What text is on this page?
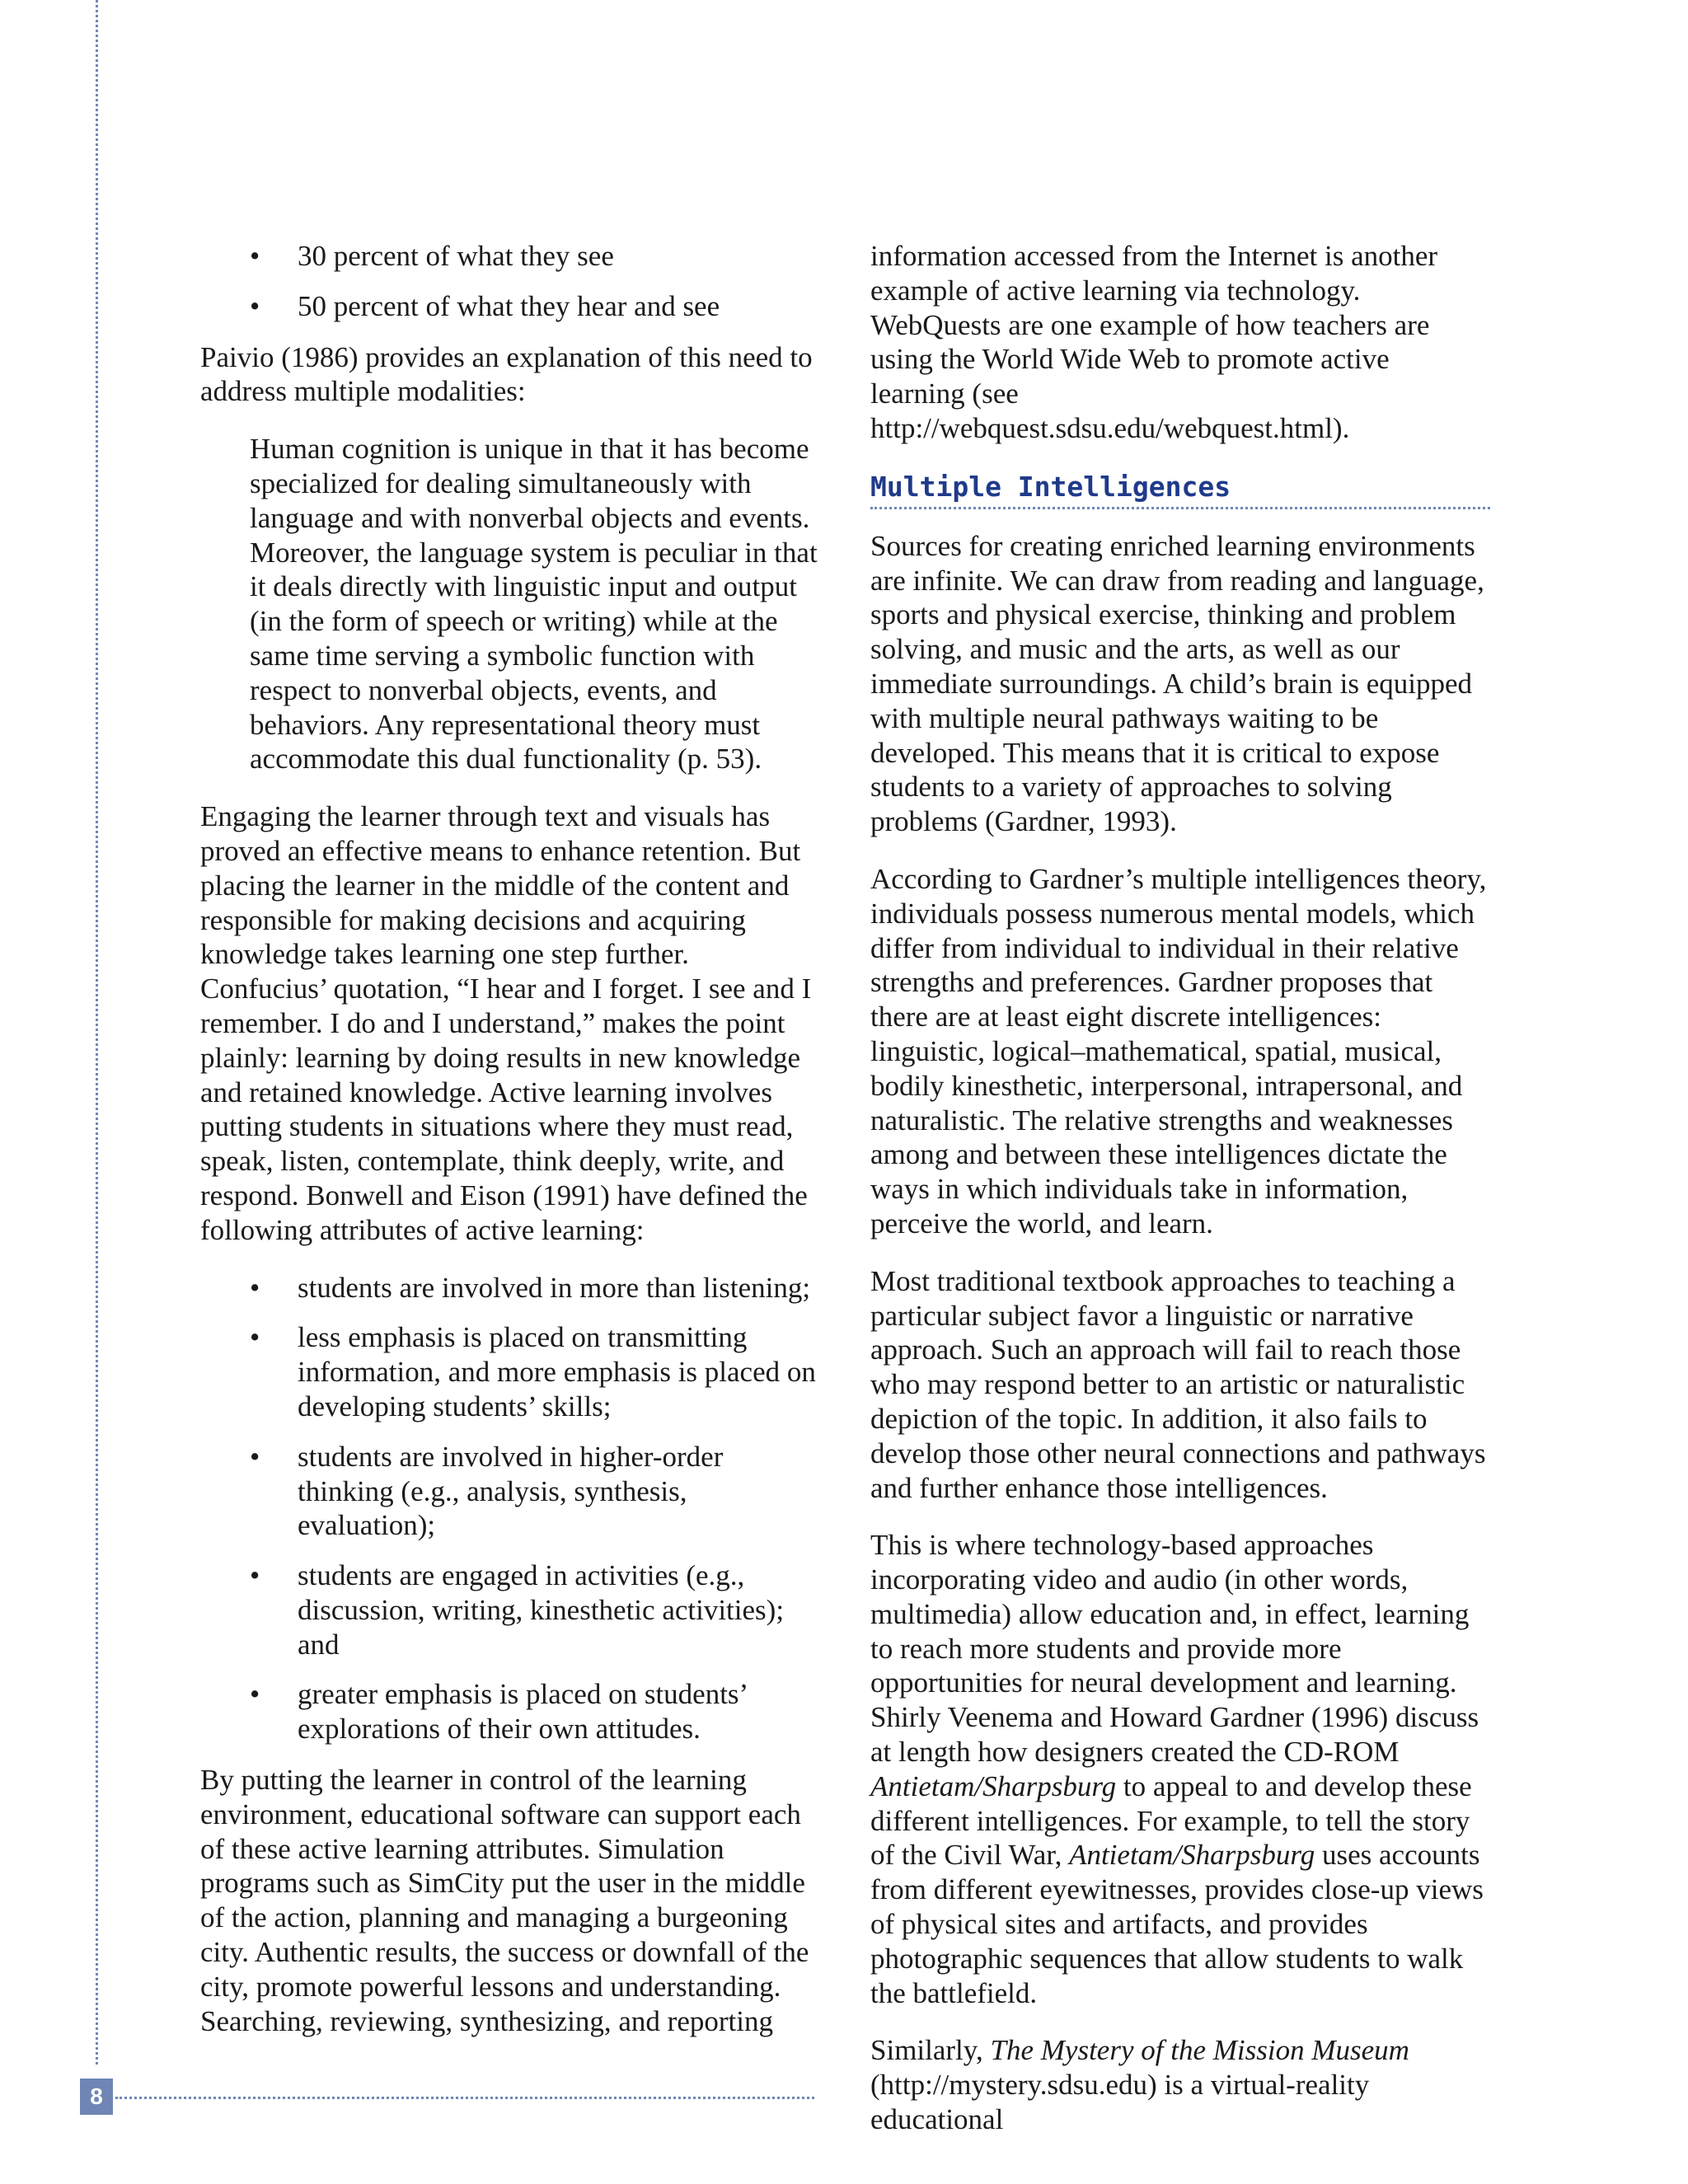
8
• 30 percent of what they see
• 50 percent of what they hear and see

Paivio (1986) provides an explanation of this need to address multiple modalities:

Human cognition is unique in that it has become specialized for dealing simultaneously with language and with nonverbal objects and events. Moreover, the language system is peculiar in that it deals directly with linguistic input and output (in the form of speech or writing) while at the same time serving a symbolic function with respect to nonverbal objects, events, and behaviors. Any representational theory must accommodate this dual functionality (p. 53).

Engaging the learner through text and visuals has proved an effective means to enhance retention. But placing the learner in the middle of the content and responsible for making decisions and acquiring knowledge takes learning one step further. Confucius’ quotation, “I hear and I forget. I see and I remember. I do and I understand,” makes the point plainly: learning by doing results in new knowledge and retained knowledge. Active learning involves putting students in situations where they must read, speak, listen, contemplate, think deeply, write, and respond. Bonwell and Eison (1991) have defined the following attributes of active learning:

• students are involved in more than listening;
• less emphasis is placed on transmitting information, and more emphasis is placed on developing students’ skills;
• students are involved in higher-order thinking (e.g., analysis, synthesis, evaluation);
• students are engaged in activities (e.g., discussion, writing, kinesthetic activities); and
• greater emphasis is placed on students’ explorations of their own attitudes.

By putting the learner in control of the learning environment, educational software can support each of these active learning attributes. Simulation programs such as SimCity put the user in the middle of the action, planning and managing a burgeoning city. Authentic results, the success or downfall of the city, promote powerful lessons and understanding. Searching, reviewing, synthesizing, and reporting

information accessed from the Internet is another example of active learning via technology. WebQuests are one example of how teachers are using the World Wide Web to promote active learning (see http://webquest.sdsu.edu/webquest.html).

Multiple Intelligences

Sources for creating enriched learning environments are infinite. We can draw from reading and language, sports and physical exercise, thinking and problem solving, and music and the arts, as well as our immediate surroundings. A child’s brain is equipped with multiple neural pathways waiting to be developed. This means that it is critical to expose students to a variety of approaches to solving problems (Gardner, 1993).

According to Gardner’s multiple intelligences theory, individuals possess numerous mental models, which differ from individual to individual in their relative strengths and preferences. Gardner proposes that there are at least eight discrete intelligences: linguistic, logical–mathematical, spatial, musical, bodily kinesthetic, interpersonal, intrapersonal, and naturalistic. The relative strengths and weaknesses among and between these intelligences dictate the ways in which individuals take in information, perceive the world, and learn.

Most traditional textbook approaches to teaching a particular subject favor a linguistic or narrative approach. Such an approach will fail to reach those who may respond better to an artistic or naturalistic depiction of the topic. In addition, it also fails to develop those other neural connections and pathways and further enhance those intelligences.

This is where technology-based approaches incorporating video and audio (in other words, multimedia) allow education and, in effect, learning to reach more students and provide more opportunities for neural development and learning. Shirly Veenema and Howard Gardner (1996) discuss at length how designers created the CD-ROM Antietam/Sharpsburg to appeal to and develop these different intelligences. For example, to tell the story of the Civil War, Antietam/Sharpsburg uses accounts from different eyewitnesses, provides close-up views of physical sites and artifacts, and provides photographic sequences that allow students to walk the battlefield.

Similarly, The Mystery of the Mission Museum (http://mystery.sdsu.edu) is a virtual-reality educational
